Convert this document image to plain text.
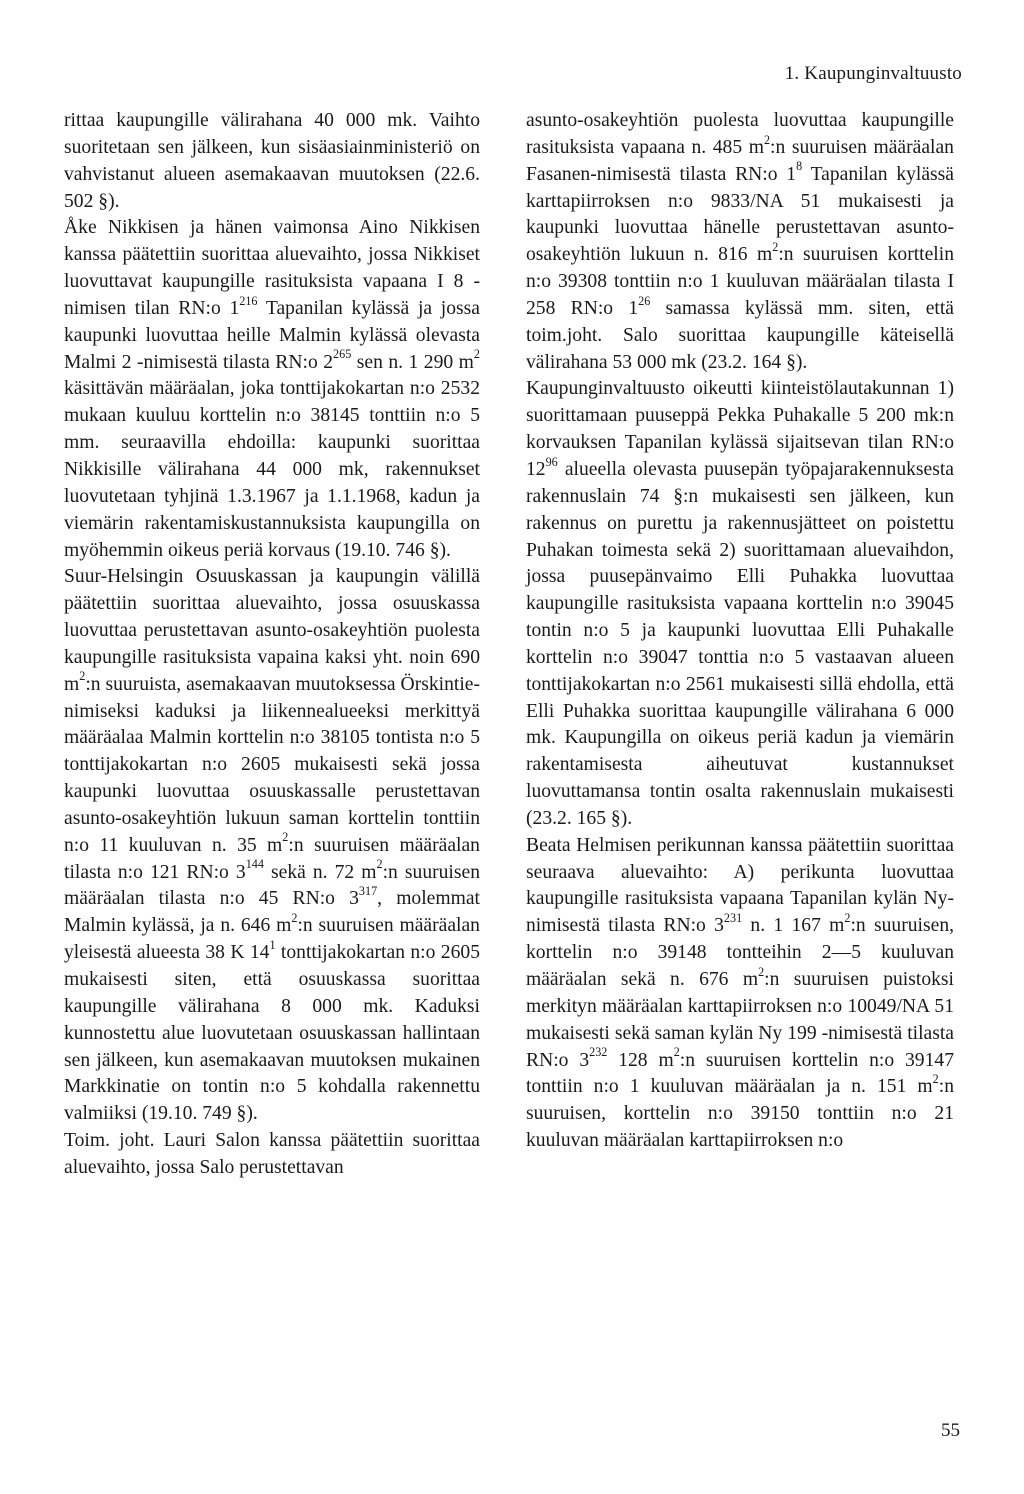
1. Kaupunginvaltuusto

rittaa kaupungille välirahana 40 000 mk. Vaihto suoritetaan sen jälkeen, kun sisäasiainministeriö on vahvistanut alueen asemakaavan muutoksen (22.6. 502 §).

Åke Nikkisen ja hänen vaimonsa Aino Nikkisen kanssa päätettiin suorittaa aluevaihto, jossa Nikkiset luovuttavat kaupungille rasituksista vapaana I 8 -nimisen tilan RN:o $1^{216}$ Tapanilan kylässä ja jossa kaupunki luovuttaa heille Malmin kylässä olevasta Malmi 2 -nimisestä tilasta RN:o $2^{265}$ sen n. 1 290 $m^2$ käsittävän määräalan, joka tonttijakokartan n:o 2532 mukaan kuuluu korttelin n:o 38145 tonttiin n:o 5 mm. seuraavilla ehdoilla: kaupunki suorittaa Nikkisille välirahana 44 000 mk, rakennukset luovutetaan tyhjinä 1.3.1967 ja 1.1.1968, kadun ja viemärin rakentamiskustannuksista kaupungilla on myöhemmin oikeus periä korvaus (19.10. 746 §).

Suur-Helsingin Osuuskassan ja kaupungin välillä päätettiin suorittaa aluevaihto, jossa osuuskassa luovuttaa perustettavan asunto-osakeyhtiön puolesta kaupungille rasituksista vapaina kaksi yht. noin 690 $m^2:n$ suuruista, asemakaavan muutoksessa Örskintie-nimiseksi kaduksi ja liikennealueeksi merkittyä määräalaa Malmin korttelin n:o 38105 tontista n:o 5 tonttijakokartan n:o 2605 mukaisesti sekä jossa kaupunki luovuttaa osuuskassalle perustettavan asunto-osakeyhtiön lukuun saman korttelin tonttiin n:o 11 kuuluvan n. 35 $m^2:n$ suuruisen määräalan tilasta n:o 121 RN:o $3^{144}$ sekä n. 72 $m^2:n$ suuruisen määräalan tilasta n:o 45 RN:o $3^{317}$, molemmat Malmin kylässä, ja n. 646 $m^2:n$ suuruisen määräalan yleisestä alueesta 38 K $14^1$ tonttijakokartan n:o 2605 mukaisesti siten, että osuuskassa suorittaa kaupungille välirahana 8 000 mk. Kaduksi kunnostettu alue luovutetaan osuuskassan hallintaan sen jälkeen, kun asemakaavan muutoksen mukainen Markkinatie on tontin n:o 5 kohdalla rakennettu valmiiksi (19.10. 749 §).

Toim. joht. Lauri Salon kanssa päätettiin suorittaa aluevaihto, jossa Salo perustettavan

asunto-osakeyhtiön puolesta luovuttaa kaupungille rasituksista vapaana n. 485 $m^2:n$ suuruisen määräalan Fasanen-nimisestä tilasta RN:o $1^8$ Tapanilan kylässä karttapiirroksen n:o 9833/NA 51 mukaisesti ja kaupunki luovuttaa hänelle perustettavan asunto-osakeyhtiön lukuun n. 816 $m^2:n$ suuruisen korttelin n:o 39308 tonttiin n:o 1 kuuluvan määräalan tilasta I 258 RN:o $1^{26}$ samassa kylässä mm. siten, että toim.joht. Salo suorittaa kaupungille käteisellä välirahana 53 000 mk (23.2. 164 §).

Kaupunginvaltuusto oikeutti kiinteistölautakunnan 1) suorittamaan puuseppä Pekka Puhakalle 5 200 mk:n korvauksen Tapanilan kylässä sijaitsevan tilan RN:o $12^{96}$ alueella olevasta puusepän työpajarakennuksesta rakennuslain 74 §:n mukaisesti sen jälkeen, kun rakennus on purettu ja rakennusjätteet on poistettu Puhakan toimesta sekä 2) suorittamaan aluevaihdon, jossa puusepänvaimo Elli Puhakka luovuttaa kaupungille rasituksista vapaana korttelin n:o 39045 tontin n:o 5 ja kaupunki luovuttaa Elli Puhakalle korttelin n:o 39047 tonttia n:o 5 vastaavan alueen tonttijakokartan n:o 2561 mukaisesti sillä ehdolla, että Elli Puhakka suorittaa kaupungille välirahana 6 000 mk. Kaupungilla on oikeus periä kadun ja viemärin rakentamisesta aiheutuvat kustannukset luovuttamansa tontin osalta rakennuslain mukaisesti (23.2. 165 §).

Beata Helmisen perikunnan kanssa päätettiin suorittaa seuraava aluevaihto: A) perikunta luovuttaa kaupungille rasituksista vapaana Tapanilan kylän Ny-nimisestä tilasta RN:o $3^{231}$ n. 1 167 $m^2:n$ suuruisen, korttelin n:o 39148 tontteihin 2—5 kuuluvan määräalan sekä n. 676 $m^2:n$ suuruisen puistoksi merkityn määräalan karttapiirroksen n:o 10049/NA 51 mukaisesti sekä saman kylän Ny 199 -nimisestä tilasta RN:o $3^{232}$ 128 $m^2:n$ suuruisen korttelin n:o 39147 tonttiin n:o 1 kuuluvan määräalan ja n. 151 $m^2:n$ suuruisen, korttelin n:o 39150 tonttiin n:o 21 kuuluvan määräalan karttapiirroksen n:o

55
